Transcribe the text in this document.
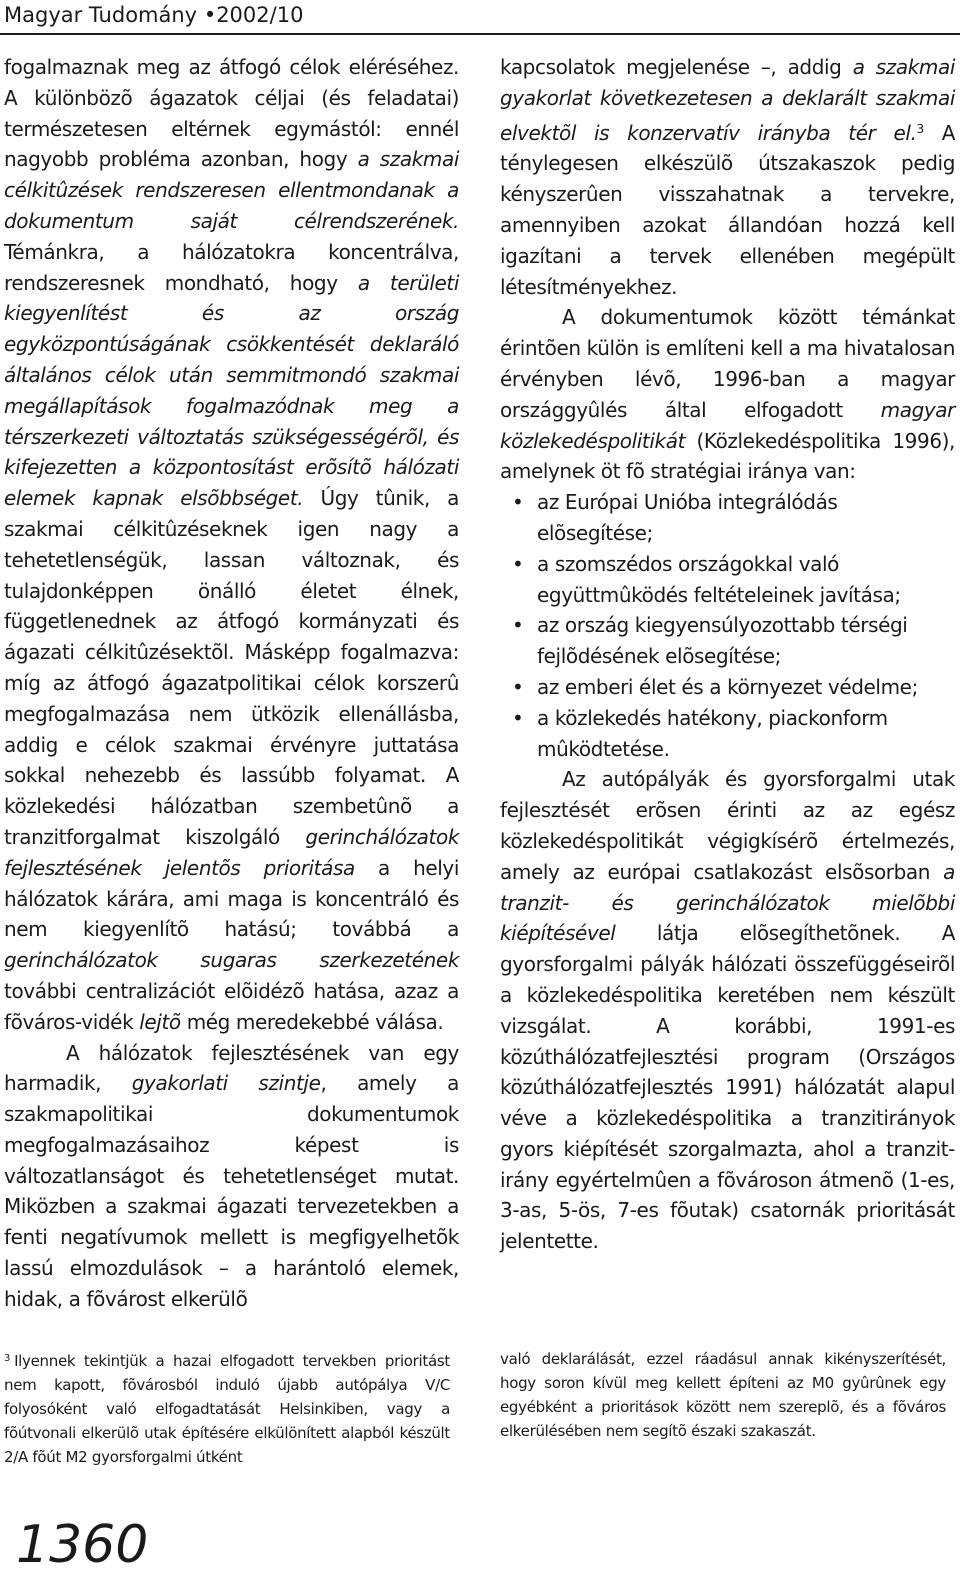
Magyar Tudomány •2002/10

fogalmaznak meg az átfogó célok eléréséhez. A különbözõ ágazatok céljai (és feladatai) természetesen eltérnek egymástól: ennél nagyobb probléma azonban, hogy a szakmai célkitûzések rendszeresen ellentmondanak a dokumentum saját célrendszerének. Témánkra, a hálózatokra koncentrálva, rendszeresnek mondható, hogy a területi kiegyenlítést és az ország egyközpontúságának csökkentését deklaráló általános célok után semmitmondó szakmai megállapítások fogalmazódnak meg a térszerkezeti változtatás szükségességérõl, és kifejezetten a központosítást erõsítõ hálózati elemek kapnak elsõbbséget. Úgy tûnik, a szakmai célkitûzéseknek igen nagy a tehetetlenségük, lassan változnak, és tulajdonképpen önálló életet élnek, függetlenednek az átfogó kormányzati és ágazati célkitûzésektõl. Másképp fogalmazva: míg az átfogó ágazatpolitikai célok korszerû megfogalmazása nem ütközik ellenállásba, addig e célok szakmai érvényre juttatása sokkal nehezebb és lassúbb folyamat. A közlekedési hálózatban szembetûnõ a tranzitforgalmat kiszolgáló gerinchálózatok fejlesztésének jelentõs prioritása a helyi hálózatok kárára, ami maga is koncentráló és nem kiegyenlítõ hatású; továbbá a gerinchálózatok sugaras szerkezetének további centralizációt elõidézõ hatása, azaz a fõváros-vidék lejtõ még meredekebbé válása.

A hálózatok fejlesztésének van egy harmadik, gyakorlati szintje, amely a szakmapolitikai dokumentumok megfogalmazásaihoz képest is változatlanságot és tehetetlenséget mutat. Miközben a szakmai ágazati tervezetekben a fenti negatívumok mellett is megfigyelhetõk lassú elmozdulások – a harántoló elemek, hidak, a fõvárost elkerülõ

kapcsolatok megjelenése –, addig a szakmai gyakorlat következetesen a deklarált szakmai elvektõl is konzervatív irányba tér el.$^3$ A ténylegesen elkészülõ útszakaszok pedig kényszerûen visszahatnak a tervekre, amennyiben azokat állandóan hozzá kell igazítani a tervek ellenében megépült létesítményekhez.

A dokumentumok között témánkat érintõen külön is említeni kell a ma hivatalosan érvényben lévõ, 1996-ban a magyar országgyûlés által elfogadott magyar közlekedéspolitikát (Közlekedéspolitika 1996), amelynek öt fõ stratégiai iránya van:

• az Európai Unióba integrálódás elõsegítése;
• a szomszédos országokkal való együttmûködés feltételeinek javítása;
• az ország kiegyensúlyozottabb térségi fejlõdésének elõsegítése;
• az emberi élet és a környezet védelme;
• a közlekedés hatékony, piackonform mûködtetése.

Az autópályák és gyorsforgalmi utak fejlesztését erõsen érinti az az egész közlekedéspolitikát végigkísérõ értelmezés, amely az európai csatlakozást elsõsorban a tranzit- és gerinchálózatok mielõbbi kiépítésével látja elõsegíthetõnek. A gyorsforgalmi pályák hálózati összefüggéseirõl a közlekedéspolitika keretében nem készült vizsgálat. A korábbi, 1991-es közúthálózatfejlesztési program (Országos közúthálózatfejlesztés 1991) hálózatát alapul véve a közlekedéspolitika a tranzitirányok gyors kiépítését szorgalmazta, ahol a tranzit-irány egyértelmûen a fõvároson átmenõ (1-es, 3-as, 5-ös, 7-es fõutak) csatornák prioritását jelentette.

$^3$ Ilyennek tekintjük a hazai elfogadott tervekben prioritást nem kapott, fõvárosból induló újabb autópálya V/C folyosóként való elfogadtatását Helsinkiben, vagy a fõútvonali elkerülõ utak építésére elkülönített alapból készült 2/A fõút M2 gyorsforgalmi útként

való deklarálását, ezzel ráadásul annak kikényszerítését, hogy soron kívül meg kellett építeni az M0 gyûrûnek egy egyébként a prioritások között nem szereplõ, és a fõváros elkerülésében nem segítõ északi szakaszát.

1360
